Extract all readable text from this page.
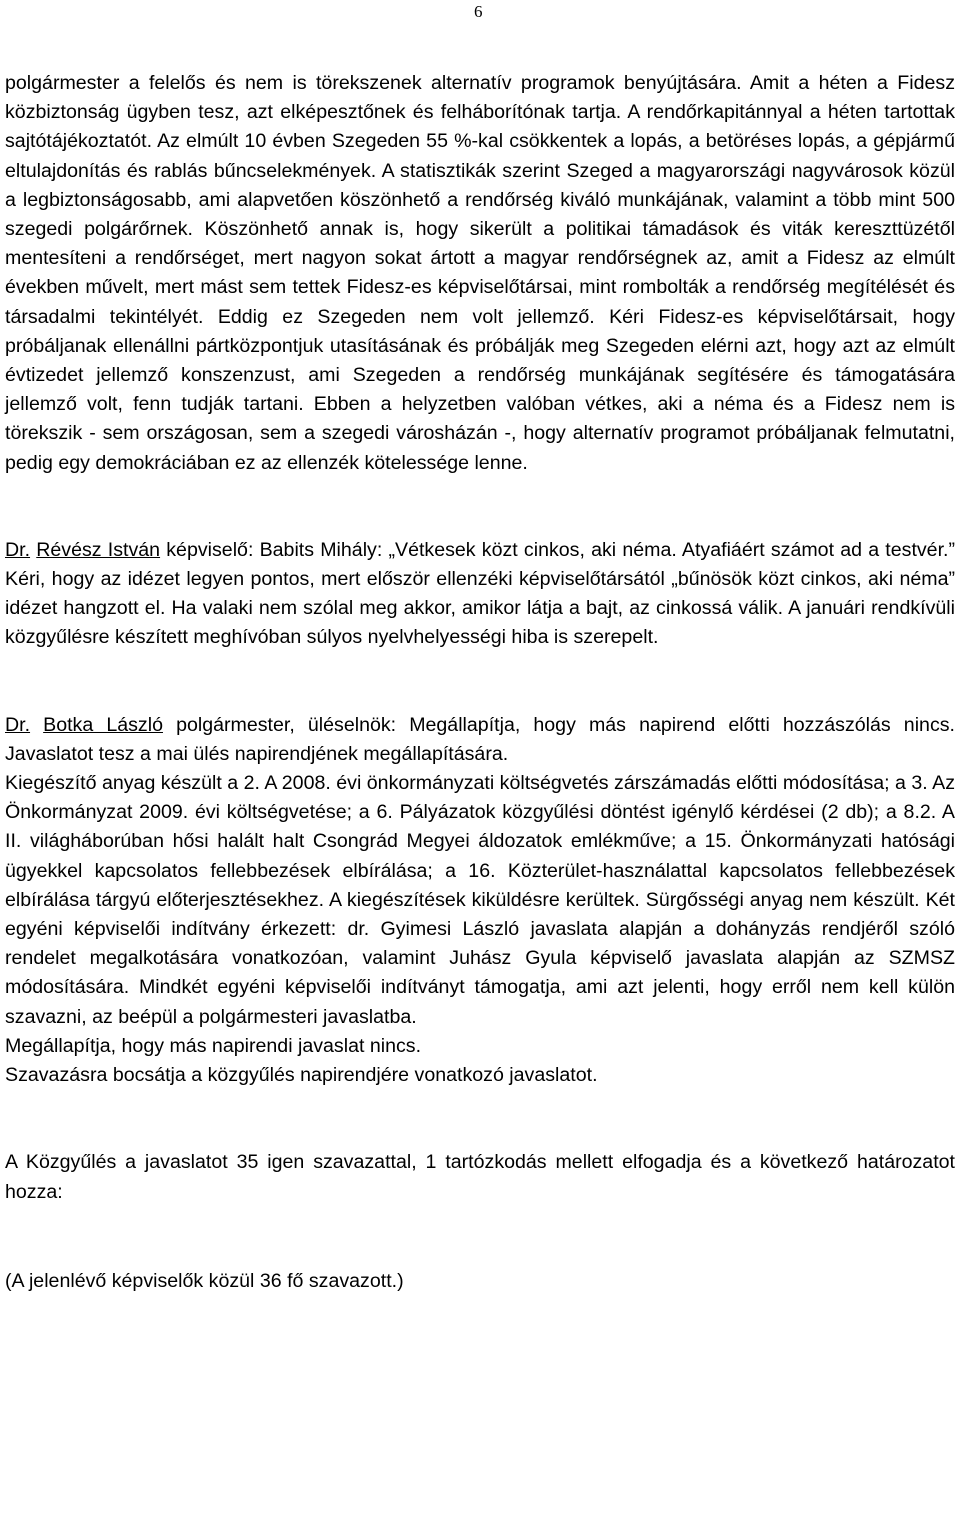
6

polgármester a felelős és nem is törekszenek alternatív programok benyújtására. Amit a héten a Fidesz közbiztonság ügyben tesz, azt elképesztőnek és felháborítónak tartja. A rendőrkapitánnyal a héten tartottak sajtótájékoztatót. Az elmúlt 10 évben Szegeden 55 %-kal csökkentek a lopás, a betöréses lopás, a gépjármű eltulajdonítás és rablás bűncselekmények. A statisztikák szerint Szeged a magyarországi nagyvárosok közül a legbiztonságosabb, ami alapvetően köszönhető a rendőrség kiváló munkájának, valamint a több mint 500 szegedi polgárőrnek. Köszönhető annak is, hogy sikerült a politikai támadások és viták kereszttüzétől mentesíteni a rendőrséget, mert nagyon sokat ártott a magyar rendőrségnek az, amit a Fidesz az elmúlt években művelt, mert mást sem tettek Fidesz-es képviselőtársai, mint rombolták a rendőrség megítélését és társadalmi tekintélyét. Eddig ez Szegeden nem volt jellemző. Kéri Fidesz-es képviselőtársait, hogy próbáljanak ellenállni pártközpontjuk utasításának és próbálják meg Szegeden elérni azt, hogy azt az elmúlt évtizedet jellemző konszenzust, ami Szegeden a rendőrség munkájának segítésére és támogatására jellemző volt, fenn tudják tartani. Ebben a helyzetben valóban vétkes, aki a néma és a Fidesz nem is törekszik - sem országosan, sem a szegedi városházán -, hogy alternatív programot próbáljanak felmutatni, pedig egy demokráciában ez az ellenzék kötelessége lenne.

Dr. Révész István képviselő: Babits Mihály: „Vétkesek közt cinkos, aki néma. Atyafiáért számot ad a testvér.” Kéri, hogy az idézet legyen pontos, mert először ellenzéki képviselőtársától „bűnösök közt cinkos, aki néma” idézet hangzott el. Ha valaki nem szólal meg akkor, amikor látja a bajt, az cinkossá válik. A januári rendkívüli közgyűlésre készített meghívóban súlyos nyelvhelyességi hiba is szerepelt.

Dr. Botka László polgármester, üléselnök: Megállapítja, hogy más napirend előtti hozzászólás nincs. Javaslatot tesz a mai ülés napirendjének megállapítására.

Kiegészítő anyag készült a 2. A 2008. évi önkormányzati költségvetés zárszámadás előtti módosítása; a 3. Az Önkormányzat 2009. évi költségvetése; a 6. Pályázatok közgyűlési döntést igénylő kérdései (2 db); a 8.2. A II. világháborúban hősi halált halt Csongrád Megyei áldozatok emlékműve; a 15. Önkormányzati hatósági ügyekkel kapcsolatos fellebbezések elbírálása; a 16. Közterület-használattal kapcsolatos fellebbezések elbírálása tárgyú előterjesztésekhez. A kiegészítések kiküldésre kerültek. Sürgősségi anyag nem készült. Két egyéni képviselői indítvány érkezett: dr. Gyimesi László javaslata alapján a dohányzás rendjéről szóló rendelet megalkotására vonatkozóan, valamint Juhász Gyula képviselő javaslata alapján az SZMSZ módosítására. Mindkét egyéni képviselői indítványt támogatja, ami azt jelenti, hogy erről nem kell külön szavazni, az beépül a polgármesteri javaslatba.

Megállapítja, hogy más napirendi javaslat nincs.

Szavazásra bocsátja a közgyűlés napirendjére vonatkozó javaslatot.

A Közgyűlés a javaslatot 35 igen szavazattal, 1 tartózkodás mellett elfogadja és a következő határozatot hozza:

(A jelenlévő képviselők közül 36 fő szavazott.)
